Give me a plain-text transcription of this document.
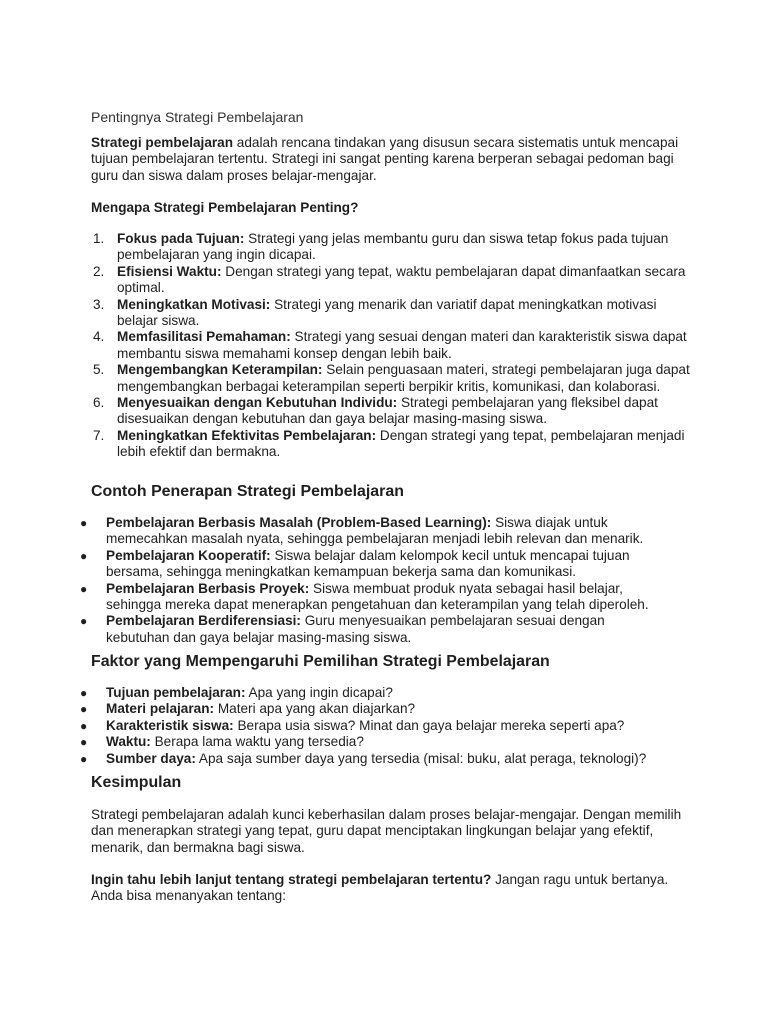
Pentingnya Strategi Pembelajaran

Strategi pembelajaran adalah rencana tindakan yang disusun secara sistematis untuk mencapai tujuan pembelajaran tertentu. Strategi ini sangat penting karena berperan sebagai pedoman bagi guru dan siswa dalam proses belajar-mengajar.

Mengapa Strategi Pembelajaran Penting?
1. Fokus pada Tujuan: Strategi yang jelas membantu guru dan siswa tetap fokus pada tujuan pembelajaran yang ingin dicapai.
2. Efisiensi Waktu: Dengan strategi yang tepat, waktu pembelajaran dapat dimanfaatkan secara optimal.
3. Meningkatkan Motivasi: Strategi yang menarik dan variatif dapat meningkatkan motivasi belajar siswa.
4. Memfasilitasi Pemahaman: Strategi yang sesuai dengan materi dan karakteristik siswa dapat membantu siswa memahami konsep dengan lebih baik.
5. Mengembangkan Keterampilan: Selain penguasaan materi, strategi pembelajaran juga dapat mengembangkan berbagai keterampilan seperti berpikir kritis, komunikasi, dan kolaborasi.
6. Menyesuaikan dengan Kebutuhan Individu: Strategi pembelajaran yang fleksibel dapat disesuaikan dengan kebutuhan dan gaya belajar masing-masing siswa.
7. Meningkatkan Efektivitas Pembelajaran: Dengan strategi yang tepat, pembelajaran menjadi lebih efektif dan bermakna.
Contoh Penerapan Strategi Pembelajaran
● Pembelajaran Berbasis Masalah (Problem-Based Learning): Siswa diajak untuk memecahkan masalah nyata, sehingga pembelajaran menjadi lebih relevan dan menarik.
● Pembelajaran Kooperatif: Siswa belajar dalam kelompok kecil untuk mencapai tujuan bersama, sehingga meningkatkan kemampuan bekerja sama dan komunikasi.
● Pembelajaran Berbasis Proyek: Siswa membuat produk nyata sebagai hasil belajar, sehingga mereka dapat menerapkan pengetahuan dan keterampilan yang telah diperoleh.
● Pembelajaran Berdiferensiasi: Guru menyesuaikan pembelajaran sesuai dengan kebutuhan dan gaya belajar masing-masing siswa.
Faktor yang Mempengaruhi Pemilihan Strategi Pembelajaran
● Tujuan pembelajaran: Apa yang ingin dicapai?
● Materi pelajaran: Materi apa yang akan diajarkan?
● Karakteristik siswa: Berapa usia siswa? Minat dan gaya belajar mereka seperti apa?
● Waktu: Berapa lama waktu yang tersedia?
● Sumber daya: Apa saja sumber daya yang tersedia (misal: buku, alat peraga, teknologi)?
Kesimpulan

Strategi pembelajaran adalah kunci keberhasilan dalam proses belajar-mengajar. Dengan memilih dan menerapkan strategi yang tepat, guru dapat menciptakan lingkungan belajar yang efektif, menarik, dan bermakna bagi siswa.

Ingin tahu lebih lanjut tentang strategi pembelajaran tertentu? Jangan ragu untuk bertanya. Anda bisa menanyakan tentang:
